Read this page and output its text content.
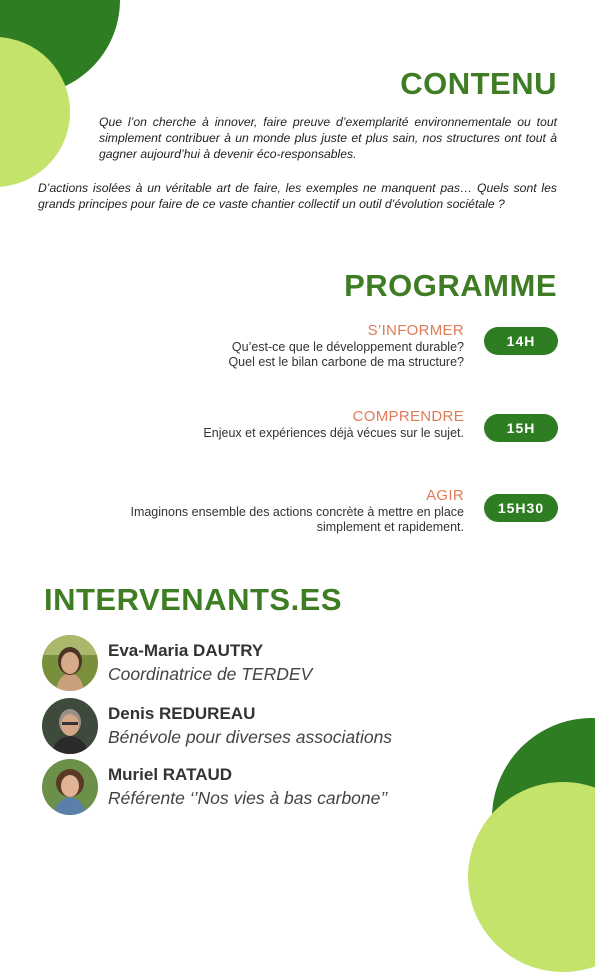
CONTENU

Que l’on cherche à innover, faire preuve d’exemplarité environnementale ou tout simplement contribuer à un monde plus juste et plus sain, nos structures ont tout à gagner aujourd’hui à devenir éco-responsables.

D’actions isolées à un véritable art de faire, les exemples ne manquent pas… Quels sont les grands principes pour faire de ce vaste chantier collectif un outil d’évolution sociétale ?

PROGRAMME
S’INFORMER
Qu’est-ce que le développement durable?
Quel est le bilan carbone de ma structure?
14H
COMPRENDRE
Enjeux et expériences déjà vécues sur le sujet.	15H
AGIR
Imaginons ensemble des actions concrète à mettre en place
simplement et rapidement.
15H30
INTERVENANTS.ES
Eva-Maria DAUTRY
Coordinatrice de TERDEV
Denis REDUREAU
Bénévole pour diverses associations
Muriel RATAUD
Référente ‘’Nos vies à bas carbone’’
